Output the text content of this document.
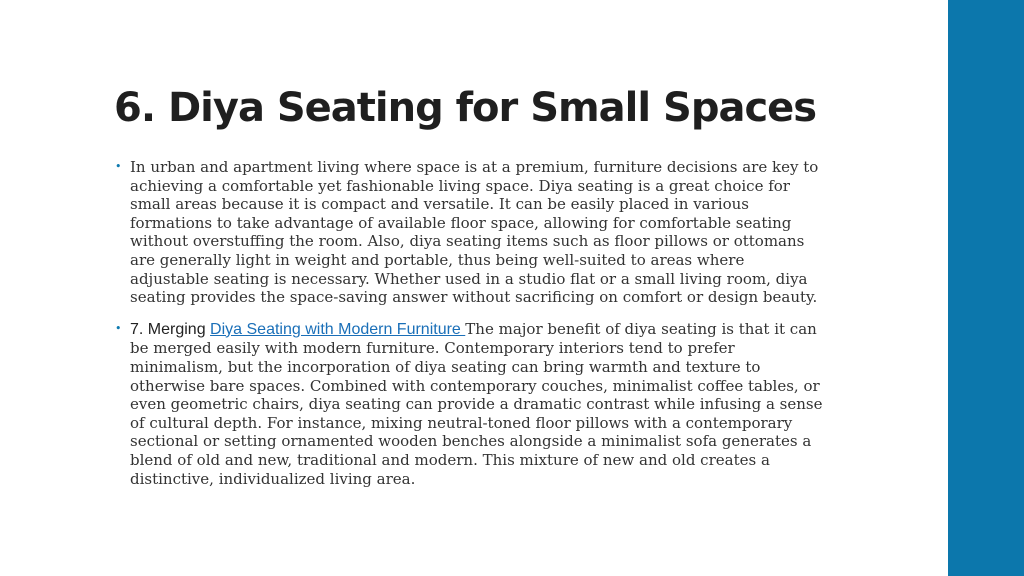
6. Diya Seating for Small Spaces
• In urban and apartment living where space is at a premium, furniture decisions are key to achieving a comfortable yet fashionable living space. Diya seating is a great choice for small areas because it is compact and versatile. It can be easily placed in various formations to take advantage of available floor space, allowing for comfortable seating without overstuffing the room. Also, diya seating items such as floor pillows or ottomans are generally light in weight and portable, thus being well-suited to areas where adjustable seating is necessary. Whether used in a studio flat or a small living room, diya seating provides the space-saving answer without sacrificing on comfort or design beauty.
• 7. Merging Diya Seating with Modern Furniture The major benefit of diya seating is that it can be merged easily with modern furniture. Contemporary interiors tend to prefer minimalism, but the incorporation of diya seating can bring warmth and texture to otherwise bare spaces. Combined with contemporary couches, minimalist coffee tables, or even geometric chairs, diya seating can provide a dramatic contrast while infusing a sense of cultural depth. For instance, mixing neutral-toned floor pillows with a contemporary sectional or setting ornamented wooden benches alongside a minimalist sofa generates a blend of old and new, traditional and modern. This mixture of new and old creates a distinctive, individualized living area.
